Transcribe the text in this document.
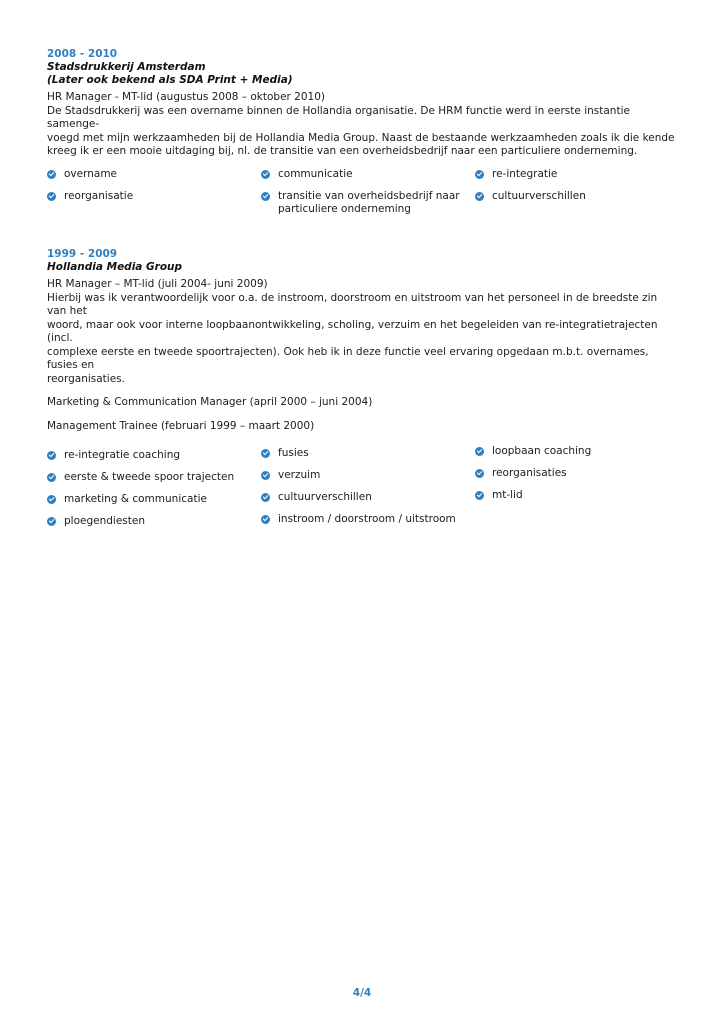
2008 - 2010
Stadsdrukkerij Amsterdam
(Later ook bekend als SDA Print + Media)

HR Manager - MT-lid (augustus 2008 – oktober 2010)

De Stadsdrukkerij was een overname binnen de Hollandia organisatie. De HRM functie werd in eerste instantie samenge-

voegd met mijn werkzaamheden bij de Hollandia Media Group. Naast de bestaande werkzaamheden zoals ik die kende

kreeg ik er een mooie uitdaging bij, nl. de transitie van een overheidsbedrijf naar een particuliere onderneming.

overname
reorganisatie
communicatie
transitie van overheidsbedrijf naar particuliere onderneming
re-integratie
cultuurverschillen
1999 - 2009
Hollandia Media Group

HR Manager – MT-lid (juli 2004- juni 2009)

Hierbij was ik verantwoordelijk voor o.a. de instroom, doorstroom en uitstroom van het personeel in de breedste zin van het

woord, maar ook voor interne loopbaanontwikkeling, scholing, verzuim en het begeleiden van re-integratietrajecten (incl.

complexe eerste en tweede spoortrajecten). Ook heb ik in deze functie veel ervaring opgedaan m.b.t. overnames, fusies en

reorganisaties.

Marketing & Communication Manager (april 2000 – juni 2004)

Management Trainee (februari 1999 – maart 2000)

re-integratie coaching
eerste & tweede spoor trajecten
marketing & communicatie
ploegendiesten
fusies
verzuim
cultuurverschillen
instroom / doorstroom / uitstroom
loopbaan coaching
reorganisaties
mt-lid
4/4
